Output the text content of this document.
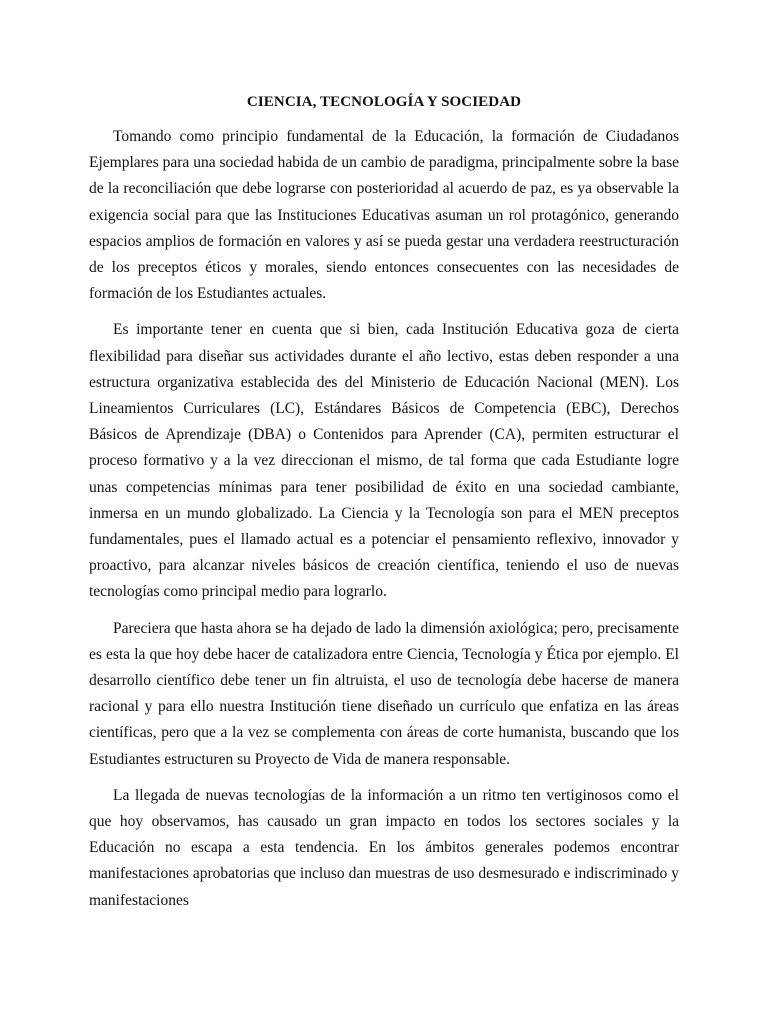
CIENCIA, TECNOLOGÍA Y SOCIEDAD

Tomando como principio fundamental de la Educación, la formación de Ciudadanos Ejemplares para una sociedad habida de un cambio de paradigma, principalmente sobre la base de la reconciliación que debe lograrse con posterioridad al acuerdo de paz, es ya observable la exigencia social para que las Instituciones Educativas asuman un rol protagónico, generando espacios amplios de formación en valores y así se pueda gestar una verdadera reestructuración de los preceptos éticos y morales, siendo entonces consecuentes con las necesidades de formación de los Estudiantes actuales.

Es importante tener en cuenta que si bien, cada Institución Educativa goza de cierta flexibilidad para diseñar sus actividades durante el año lectivo, estas deben responder a una estructura organizativa establecida des del Ministerio de Educación Nacional (MEN). Los Lineamientos Curriculares (LC), Estándares Básicos de Competencia (EBC), Derechos Básicos de Aprendizaje (DBA) o Contenidos para Aprender (CA), permiten estructurar el proceso formativo y a la vez direccionan el mismo, de tal forma que cada Estudiante logre unas competencias mínimas para tener posibilidad de éxito en una sociedad cambiante, inmersa en un mundo globalizado. La Ciencia y la Tecnología son para el MEN preceptos fundamentales, pues el llamado actual es a potenciar el pensamiento reflexivo, innovador y proactivo, para alcanzar niveles básicos de creación científica, teniendo el uso de nuevas tecnologías como principal medio para lograrlo.

Pareciera que hasta ahora se ha dejado de lado la dimensión axiológica; pero, precisamente es esta la que hoy debe hacer de catalizadora entre Ciencia, Tecnología y Ética por ejemplo. El desarrollo científico debe tener un fin altruista, el uso de tecnología debe hacerse de manera racional y para ello nuestra Institución tiene diseñado un currículo que enfatiza en las áreas científicas, pero que a la vez se complementa con áreas de corte humanista, buscando que los Estudiantes estructuren su Proyecto de Vida de manera responsable.

La llegada de nuevas tecnologías de la información a un ritmo ten vertiginosos como el que hoy observamos, has causado un gran impacto en todos los sectores sociales y la Educación no escapa a esta tendencia. En los ámbitos generales podemos encontrar manifestaciones aprobatorias que incluso dan muestras de uso desmesurado e indiscriminado y manifestaciones
